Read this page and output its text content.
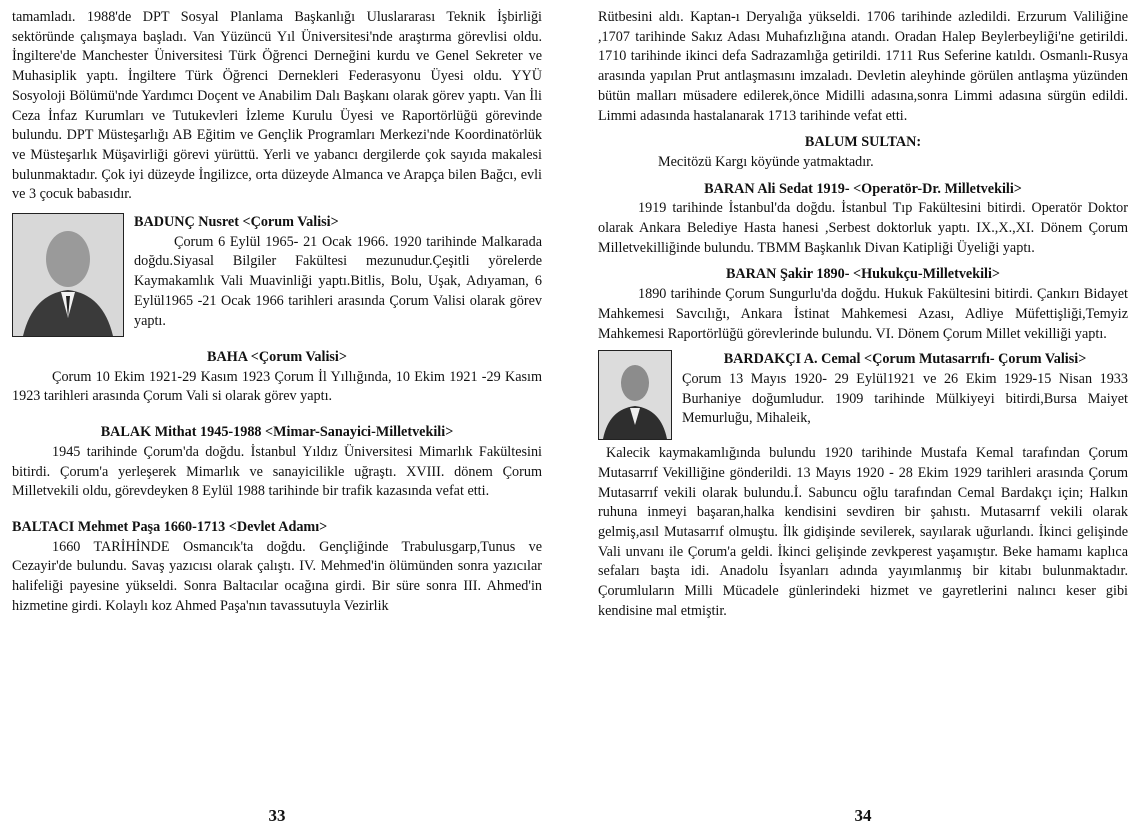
tamamladı. 1988'de DPT Sosyal Planlama Başkanlığı Uluslararası Teknik İşbirliği sektöründe çalışmaya başladı. Van Yüzüncü Yıl Üniversitesi'nde araştırma görevlisi oldu. İngiltere'de Manchester Üniversitesi Türk Öğrenci Derneğini kurdu ve Genel Sekreter ve Muhasiplik yaptı. İngiltere Türk Öğrenci Dernekleri Federasyonu Üyesi oldu. YYÜ Sosyoloji Bölümü'nde Yardımcı Doçent ve Anabilim Dalı Başkanı olarak görev yaptı. Van İli Ceza İnfaz Kurumları ve Tutukevleri İzleme Kurulu Üyesi ve Raportörlüğü görevinde bulundu. DPT Müsteşarlığı AB Eğitim ve Gençlik Programları Merkezi'nde Koordinatörlük ve Müsteşarlık Müşavirliği görevi yürüttü. Yerli ve yabancı dergilerde çok sayıda makalesi bulunmaktadır. Çok iyi düzeyde İngilizce, orta düzeyde Almanca ve Arapça bilen Bağcı, evli ve 3 çocuk babasıdır.

BADUNÇ Nusret <Çorum Valisi>

Çorum 6 Eylül 1965- 21 Ocak 1966. 1920 tarihinde Malkarada doğdu.Siyasal Bilgiler Fakültesi mezunudur.Çeşitli yörelerde Kaymakamlık Vali Muavinliği yaptı.Bitlis, Bolu, Uşak, Adıyaman, 6 Eylül1965 -21 Ocak 1966 tarihleri arasında Çorum Valisi olarak görev yaptı.

BAHA <Çorum Valisi>

Çorum 10 Ekim 1921-29 Kasım 1923 Çorum İl Yıllığında, 10 Ekim 1921 -29 Kasım 1923 tarihleri arasında Çorum Vali si olarak görev yaptı.

BALAK Mithat 1945-1988 <Mimar-Sanayici-Milletvekili>

1945 tarihinde Çorum'da doğdu. İstanbul Yıldız Üniversitesi Mimarlık Fakültesini bitirdi. Çorum'a yerleşerek Mimarlık ve sanayicilikle uğraştı. XVIII. dönem Çorum Milletvekili oldu, görevdeyken 8 Eylül 1988 tarihinde bir trafik kazasında vefat etti.

BALTACI Mehmet Paşa 1660-1713 <Devlet Adamı>

1660 TARİHİNDE Osmancık'ta doğdu. Gençliğinde Trabulusgarp,Tunus ve Cezayir'de bulundu. Savaş yazıcısı olarak çalıştı. IV. Mehmed'in ölümünden sonra yazıcılar halifeliği payesine yükseldi. Sonra Baltacılar ocağına girdi. Bir süre sonra III. Ahmed'in hizmetine girdi. Kolaylı koz Ahmed Paşa'nın tavassutuyla Vezirlik

33

Rütbesini aldı. Kaptan-ı Deryalığa yükseldi. 1706 tarihinde azledildi. Erzurum Valiliğine ,1707 tarihinde Sakız Adası Muhafızlığına atandı. Oradan Halep Beylerbeyliği'ne getirildi. 1710 tarihinde ikinci defa Sadrazamlığa getirildi. 1711 Rus Seferine katıldı. Osmanlı-Rusya arasında yapılan Prut antlaşmasını imzaladı. Devletin aleyhinde görülen antlaşma yüzünden bütün malları müsadere edilerek,önce Midilli adasına,sonra Limmi adasına sürgün edildi. Limmi adasında hastalanarak 1713 tarihinde vefat etti.

BALUM SULTAN:

Mecitözü Kargı köyünde yatmaktadır.

BARAN Ali Sedat 1919- <Operatör-Dr. Milletvekili>

1919 tarihinde İstanbul'da doğdu. İstanbul Tıp Fakültesini bitirdi. Operatör Doktor olarak Ankara Belediye Hasta hanesi ,Serbest doktorluk yaptı. IX.,X.,XI. Dönem Çorum Milletvekilliğinde bulundu. TBMM Başkanlık Divan Katipliği Üyeliği yaptı.

BARAN Şakir 1890- <Hukukçu-Milletvekili>

1890 tarihinde Çorum Sungurlu'da doğdu. Hukuk Fakültesini bitirdi. Çankırı Bidayet Mahkemesi Savcılığı, Ankara İstinat Mahkemesi Azası, Adliye Müfettişliği,Temyiz Mahkemesi Raportörlüğü görevlerinde bulundu. VI. Dönem Çorum Millet vekilliği yaptı.

BARDAKÇI A. Cemal <Çorum Mutasarrıfı- Çorum Valisi>

Çorum 13 Mayıs 1920- 29 Eylül1921 ve 26 Ekim 1929-15 Nisan 1933 Burhaniye doğumludur. 1909 tarihinde Mülkiyeyi bitirdi,Bursa Maiyet Memurluğu, Mihaleik,

Kalecik kaymakamlığında bulundu 1920 tarihinde Mustafa Kemal tarafından Çorum Mutasarrıf Vekilliğine gönderildi. 13 Mayıs 1920 - 28 Ekim 1929 tarihleri arasında Çorum Mutasarrıf vekili olarak bulundu.İ. Sabuncu oğlu tarafından Cemal Bardakçı için; Halkın ruhuna inmeyi başaran,halka kendisini sevdiren bir şahıstı. Mutasarrıf vekili olarak gelmiş,asıl Mutasarrıf olmuştu. İlk gidişinde sevilerek, sayılarak uğurlandı. İkinci gelişinde Vali unvanı ile Çorum'a geldi. İkinci gelişinde zevkperest yaşamıştır. Beke hamamı kaplıca sefaları başta idi. Anadolu İsyanları adında yayımlanmış bir kitabı bulunmaktadır. Çorumluların Milli Mücadele günlerindeki hizmet ve gayretlerini nalıncı keser gibi kendisine mal etmiştir.

34
